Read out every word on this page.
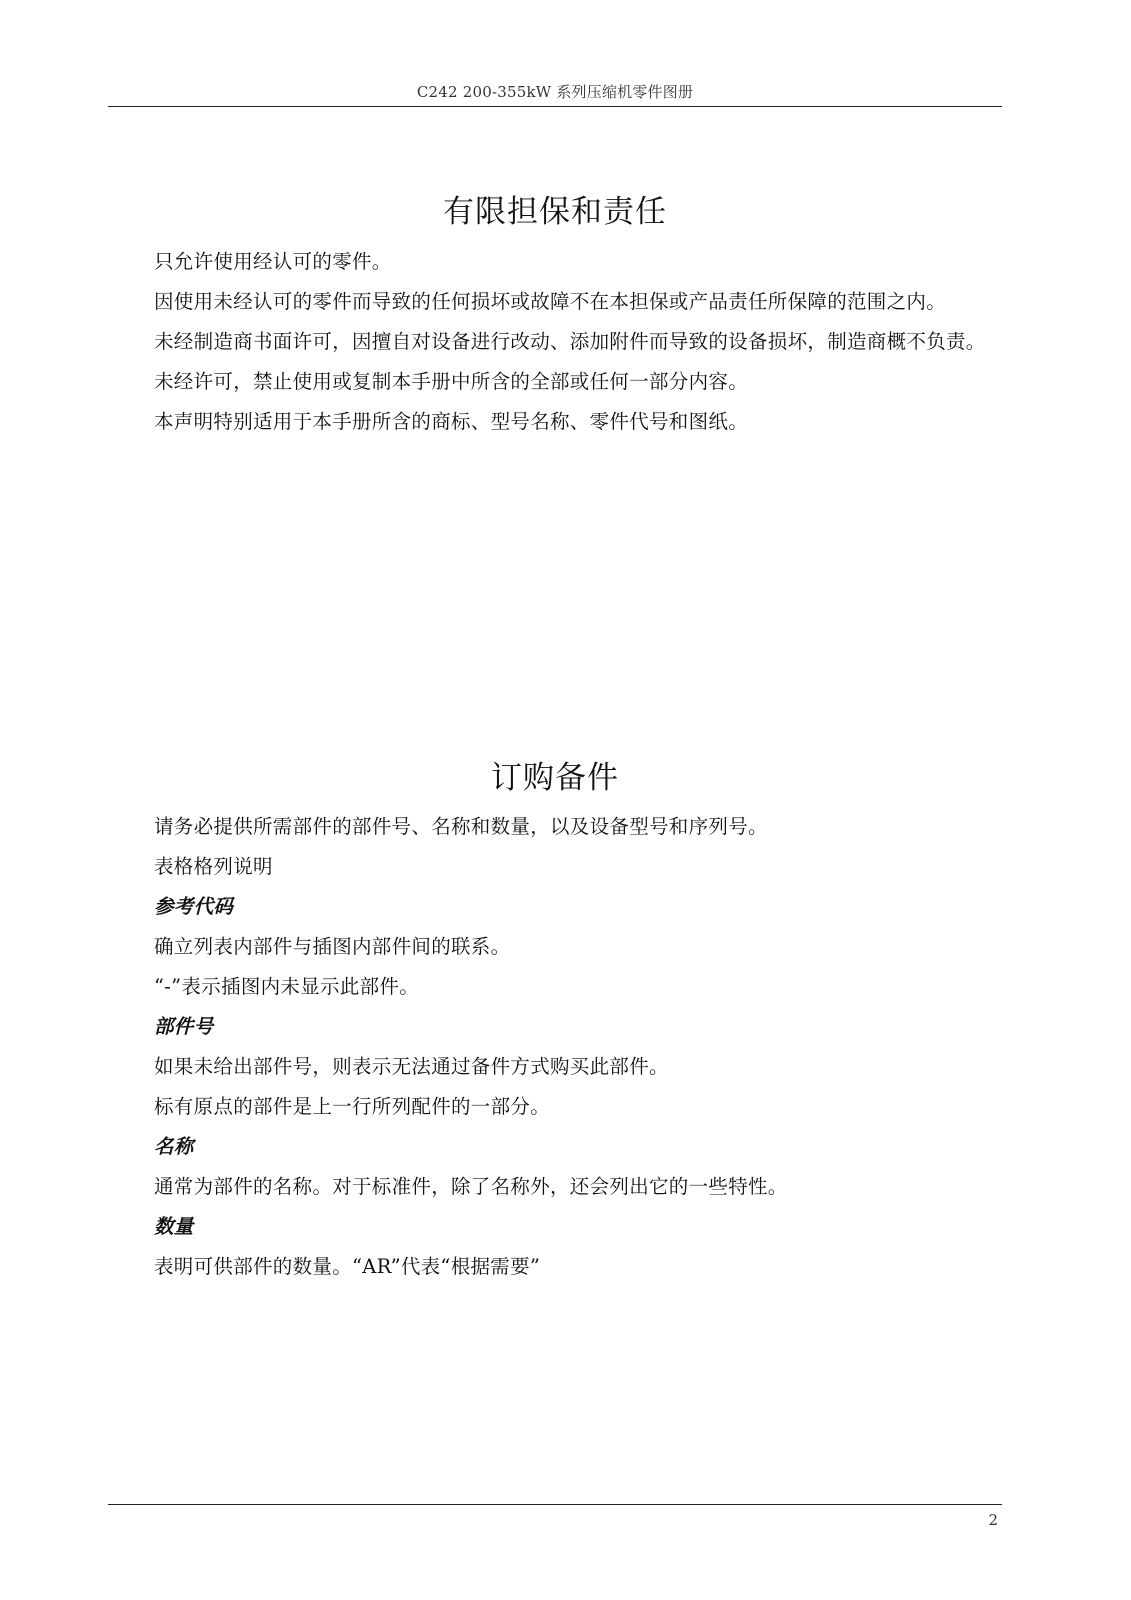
C242 200-355kW 系列压缩机零件图册
有限担保和责任

只允许使用经认可的零件。

因使用未经认可的零件而导致的任何损坏或故障不在本担保或产品责任所保障的范围之内。

未经制造商书面许可，因擅自对设备进行改动、添加附件而导致的设备损坏，制造商概不负责。

未经许可，禁止使用或复制本手册中所含的全部或任何一部分内容。

本声明特别适用于本手册所含的商标、型号名称、零件代号和图纸。

订购备件

请务必提供所需部件的部件号、名称和数量，以及设备型号和序列号。

表格格列说明

参考代码

确立列表内部件与插图内部件间的联系。

“-”表示插图内未显示此部件。

部件号

如果未给出部件号，则表示无法通过备件方式购买此部件。

标有原点的部件是上一行所列配件的一部分。

名称

通常为部件的名称。对于标准件，除了名称外，还会列出它的一些特性。

数量

表明可供部件的数量。“AR”代表“根据需要”

2
